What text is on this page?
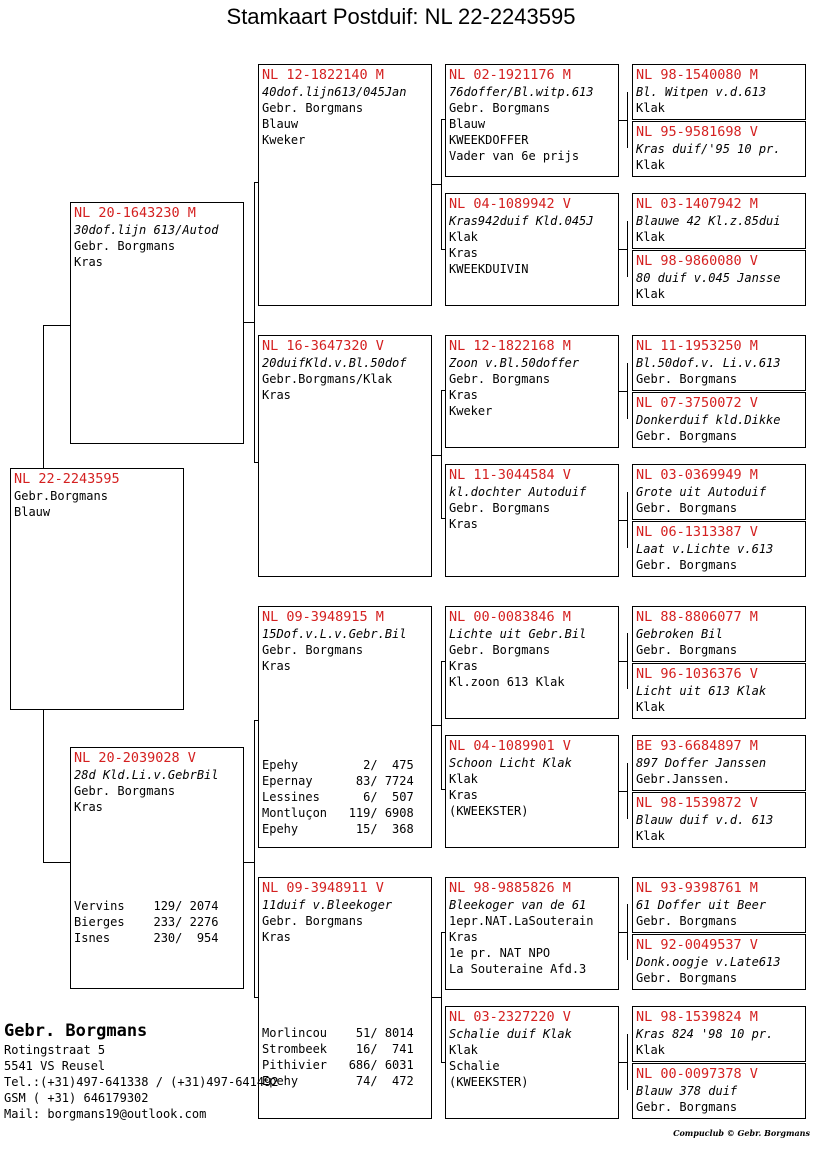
Stamkaart Postduif: NL 22-2243595
NL 22-2243595
Gebr.Borgmans
Blauw
NL 20-1643230 M
30dof.lijn 613/Autod
Gebr. Borgmans
Kras
NL 20-2039028 V
28d Kld.Li.v.GebrBil
Gebr. Borgmans
Kras
Vervins    129/ 2074
Bierges    233/ 2276
Isnes      230/  954
NL 12-1822140 M
40dof.lijn613/045Jan
Gebr. Borgmans
Blauw
Kweker
NL 16-3647320 V
20duifKld.v.Bl.50dof
Gebr.Borgmans/Klak
Kras
NL 09-3948915 M
15Dof.v.L.v.Gebr.Bil
Gebr. Borgmans
Kras
Epehy         2/  475
Epernay      83/ 7724
Lessines      6/  507
Montluçon   119/ 6908
Epehy        15/  368
NL 09-3948911 V
11duif v.Bleekoger
Gebr. Borgmans
Kras
Morlincou    51/ 8014
Strombeek    16/  741
Pithivier   686/ 6031
Epehy        74/  472
NL 02-1921176 M
76doffer/Bl.witp.613
Gebr. Borgmans
Blauw
KWEEKDOFFER
Vader van 6e prijs
NL 04-1089942 V
Kras942duif Kld.045J
Klak
Kras
KWEEKDUIVIN
NL 12-1822168 M
Zoon v.Bl.50doffer
Gebr. Borgmans
Kras
Kweker
NL 11-3044584 V
kl.dochter Autoduif
Gebr. Borgmans
Kras
NL 00-0083846 M
Lichte uit Gebr.Bil
Gebr. Borgmans
Kras
Kl.zoon 613 Klak
NL 04-1089901 V
Schoon Licht Klak
Klak
Kras
(KWEEKSTER)
NL 98-9885826 M
Bleekoger van de 61
1epr.NAT.LaSouterain
Kras
1e pr. NAT NPO
La Souteraine Afd.3
NL 03-2327220 V
Schalie duif Klak
Klak
Schalie
(KWEEKSTER)
NL 98-1540080 M
Bl. Witpen v.d.613
Klak
NL 95-9581698 V
Kras duif/'95 10 pr.
Klak
NL 03-1407942 M
Blauwe 42 Kl.z.85dui
Klak
NL 98-9860080 V
80 duif v.045 Jansse
Klak
NL 11-1953250 M
Bl.50dof.v. Li.v.613
Gebr. Borgmans
NL 07-3750072 V
Donkerduif kld.Dikke
Gebr. Borgmans
NL 03-0369949 M
Grote uit Autoduif
Gebr. Borgmans
NL 06-1313387 V
Laat v.Lichte v.613
Gebr. Borgmans
NL 88-8806077 M
Gebroken Bil
Gebr. Borgmans
NL 96-1036376 V
Licht uit 613 Klak
Klak
BE 93-6684897 M
897 Doffer Janssen
Gebr.Janssen.
NL 98-1539872 V
Blauw duif v.d. 613
Klak
NL 93-9398761 M
61 Doffer uit Beer
Gebr. Borgmans
NL 92-0049537 V
Donk.oogje v.Late613
Gebr. Borgmans
NL 98-1539824 M
Kras 824 '98 10 pr.
Klak
NL 00-0097378 V
Blauw 378 duif
Gebr. Borgmans
Gebr. Borgmans
Rotingstraat 5
5541 VS Reusel
Tel.:(+31)497-641338 / (+31)497-641492
GSM ( +31) 646179302
Mail: borgmans19@outlook.com
Compuclub © Gebr. Borgmans
